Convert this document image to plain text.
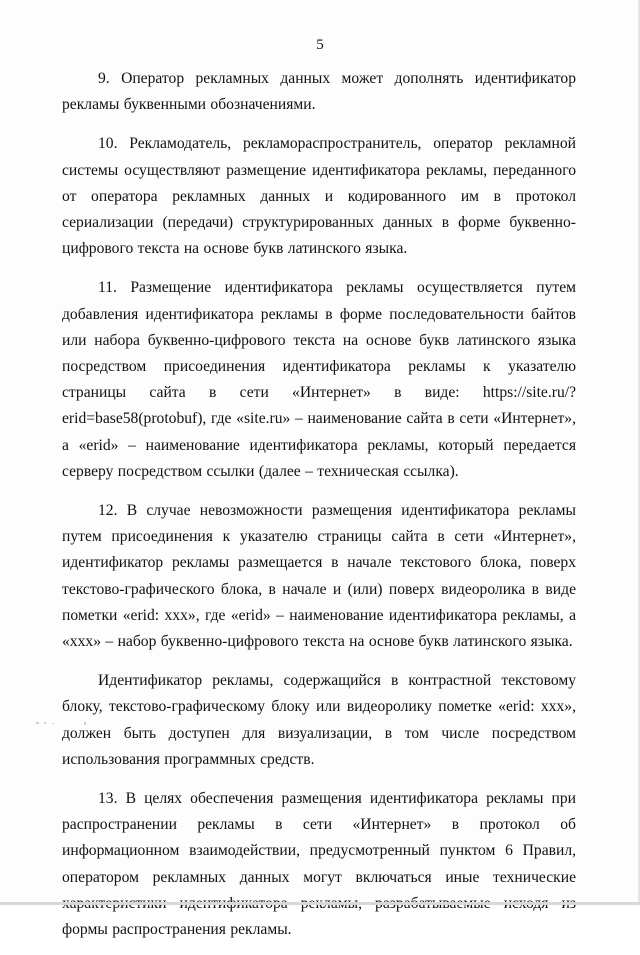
5

9. Оператор рекламных данных может дополнять идентификатор рекламы буквенными обозначениями.

10. Рекламодатель, рекламораспространитель, оператор рекламной системы осуществляют размещение идентификатора рекламы, переданного от оператора рекламных данных и кодированного им в протокол сериализации (передачи) структурированных данных в форме буквенно-цифрового текста на основе букв латинского языка.

11. Размещение идентификатора рекламы осуществляется путем добавления идентификатора рекламы в форме последовательности байтов или набора буквенно-цифрового текста на основе букв латинского языка посредством присоединения идентификатора рекламы к указателю страницы сайта в сети «Интернет» в виде: https://site.ru/?erid=base58(protobuf), где «site.ru» – наименование сайта в сети «Интернет», а «erid» – наименование идентификатора рекламы, который передается серверу посредством ссылки (далее – техническая ссылка).

12. В случае невозможности размещения идентификатора рекламы путем присоединения к указателю страницы сайта в сети «Интернет», идентификатор рекламы размещается в начале текстового блока, поверх текстово-графического блока, в начале и (или) поверх видеоролика в виде пометки «erid: ххх», где «erid» – наименование идентификатора рекламы, а «ххх» – набор буквенно-цифрового текста на основе букв латинского языка.

Идентификатор рекламы, содержащийся в контрастной текстовому блоку, текстово-графическому блоку или видеоролику пометке «erid: ххх», должен быть доступен для визуализации, в том числе посредством использования программных средств.

13. В целях обеспечения размещения идентификатора рекламы при распространении рекламы в сети «Интернет» в протокол об информационном взаимодействии, предусмотренный пунктом 6 Правил, оператором рекламных данных могут включаться иные технические формы распространения рекламы.
